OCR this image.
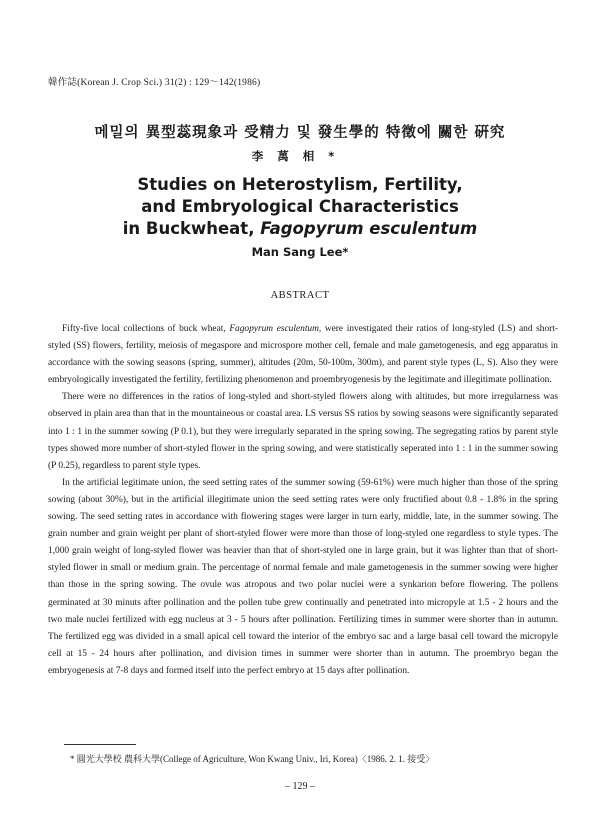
韓作誌(Korean J. Crop Sci.) 31(2) : 129～142(1986)
메밀의 異型蕊現象과 受精力 및 發生學的 特徵에 關한 硏究
李萬相*
Studies on Heterostylism, Fertility,
and Embryological Characteristics
in Buckwheat, Fagopyrum esculentum
Man Sang Lee*
ABSTRACT

Fifty-five local collections of buck wheat, Fagopyrum esculentum, were investigated their ratios of long-styled (LS) and short-styled (SS) flowers, fertility, meiosis of megaspore and microspore mother cell, female and male gametogenesis, and egg apparatus in accordance with the sowing seasons (spring, summer), altitudes (20m, 50-100m, 300m), and parent style types (L, S). Also they were embryologically investigated the fertility, fertilizing phenomenon and proembryogenesis by the legitimate and illegitimate pollination.

There were no differences in the ratios of long-styled and short-styled flowers along with altitudes, but more irregularness was observed in plain area than that in the mountaineous or coastal area. LS versus SS ratios by sowing seasons were significantly separated into 1 : 1 in the summer sowing (P 0.1), but they were irregularly separated in the spring sowing. The segregating ratios by parent style types showed more number of short-styled flower in the spring sowing, and were statistically seperated into 1 : 1 in the summer sowing (P 0.25), regardless to parent style types.

In the artificial legitimate union, the seed setting rates of the summer sowing (59-61%) were much higher than those of the spring sowing (about 30%), but in the artificial illegitimate union the seed setting rates were only fructified about 0.8 - 1.8% in the spring sowing. The seed setting rates in accordance with flowering stages were larger in turn early, middle, late, in the summer sowing. The grain number and grain weight per plant of short-styled flower were more than those of long-styled one regardless to style types. The 1,000 grain weight of long-styled flower was heavier than that of short-styled one in large grain, but it was lighter than that of short-styled flower in small or medium grain. The percentage of normal female and male gametogenesis in the summer sowing were higher than those in the spring sowing. The ovule was atropous and two polar nuclei were a synkarion before flowering. The pollens germinated at 30 minuts after pollination and the pollen tube grew continually and penetrated into micropyle at 1.5 - 2 hours and the two male nuclei fertilized with egg nucleus at 3 - 5 hours after pollination. Fertilizing times in summer were shorter than in autumn. The fertilized egg was divided in a small apical cell toward the interior of the embryo sac and a large basal cell toward the micropyle cell at 15 - 24 hours after pollination, and division times in summer were shorter than in autumn. The proembryo began the embryogenesis at 7-8 days and formed itself into the perfect embryo at 15 days after pollination.

* 圓光大學校 農科大學(College of Agriculture, Won Kwang Univ., Iri, Korea)〈1986. 2. 1. 接受〉
– 129 –
